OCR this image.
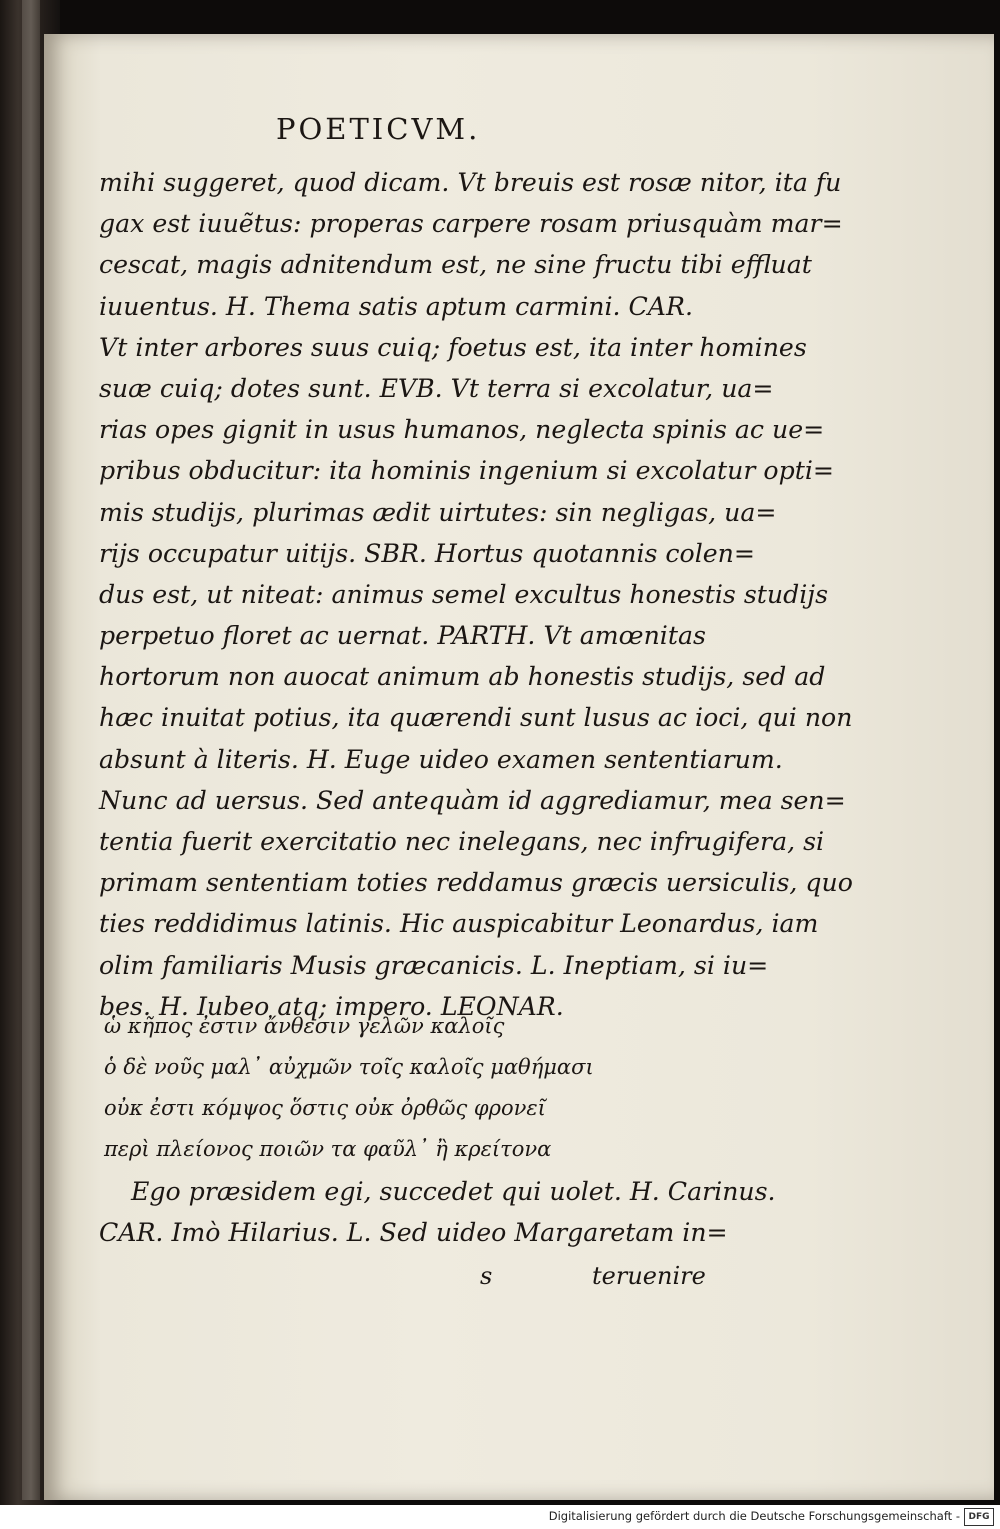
POETICVM.
mihi suggeret, quod dicam. Vt breuis est rosæ nitor, ita fu
gax est iuuẽtus: properas carpere rosam priusquàm mar=
cescat, magis adnitendum est, ne sine fructu tibi effluat
iuuentus. H. Thema satis aptum carmini. CAR.
Vt inter arbores suus cuiq; foetus est, ita inter homines
suæ cuiq; dotes sunt. EVB. Vt terra si excolatur, ua=
rias opes gignit in usus humanos, neglecta spinis ac ue=
pribus obducitur: ita hominis ingenium si excolatur opti=
mis studijs, plurimas ædit uirtutes: sin negligas, ua=
rijs occupatur uitijs. SBR. Hortus quotannis colen=
dus est, ut niteat: animus semel excultus honestis studijs
perpetuo floret ac uernat. PARTH. Vt amœnitas
hortorum non auocat animum ab honestis studijs, sed ad
hæc inuitat potius, ita quærendi sunt lusus ac ioci, qui non
absunt à literis. H. Euge uideo examen sententiarum.
Nunc ad uersus. Sed antequàm id aggrediamur, mea sen=
tentia fuerit exercitatio nec inelegans, nec infrugifera, si
primam sententiam toties reddamus græcis uersiculis, quo
ties reddidimus latinis. Hic auspicabitur Leonardus, iam
olim familiaris Musis græcanicis. L. Ineptiam, si iu=
bes. H. Iubeo atq; impero. LEONAR.
ὡ κῆπος ἐστιν ἄνθεσιν γελῶν καλοῖς
ὁ δὲ νοῦς μαλ᾽ αὐχμῶν τοῖς καλοῖς μαθήμασι
οὐκ ἐστι κόμψος ὅστις οὐκ ὀρθῶς φρονεῖ
περὶ πλείονος ποιῶν τα φαῦλ᾽ ἢ κρείτονα
Ego præsidem egi, succedet qui uolet. H. Carinus.
CAR. Imò Hilarius. L. Sed uideo Margaretam in=
s	teruenire
Digitalisierung gefördert durch die Deutsche Forschungsgemeinschaft - DFG
